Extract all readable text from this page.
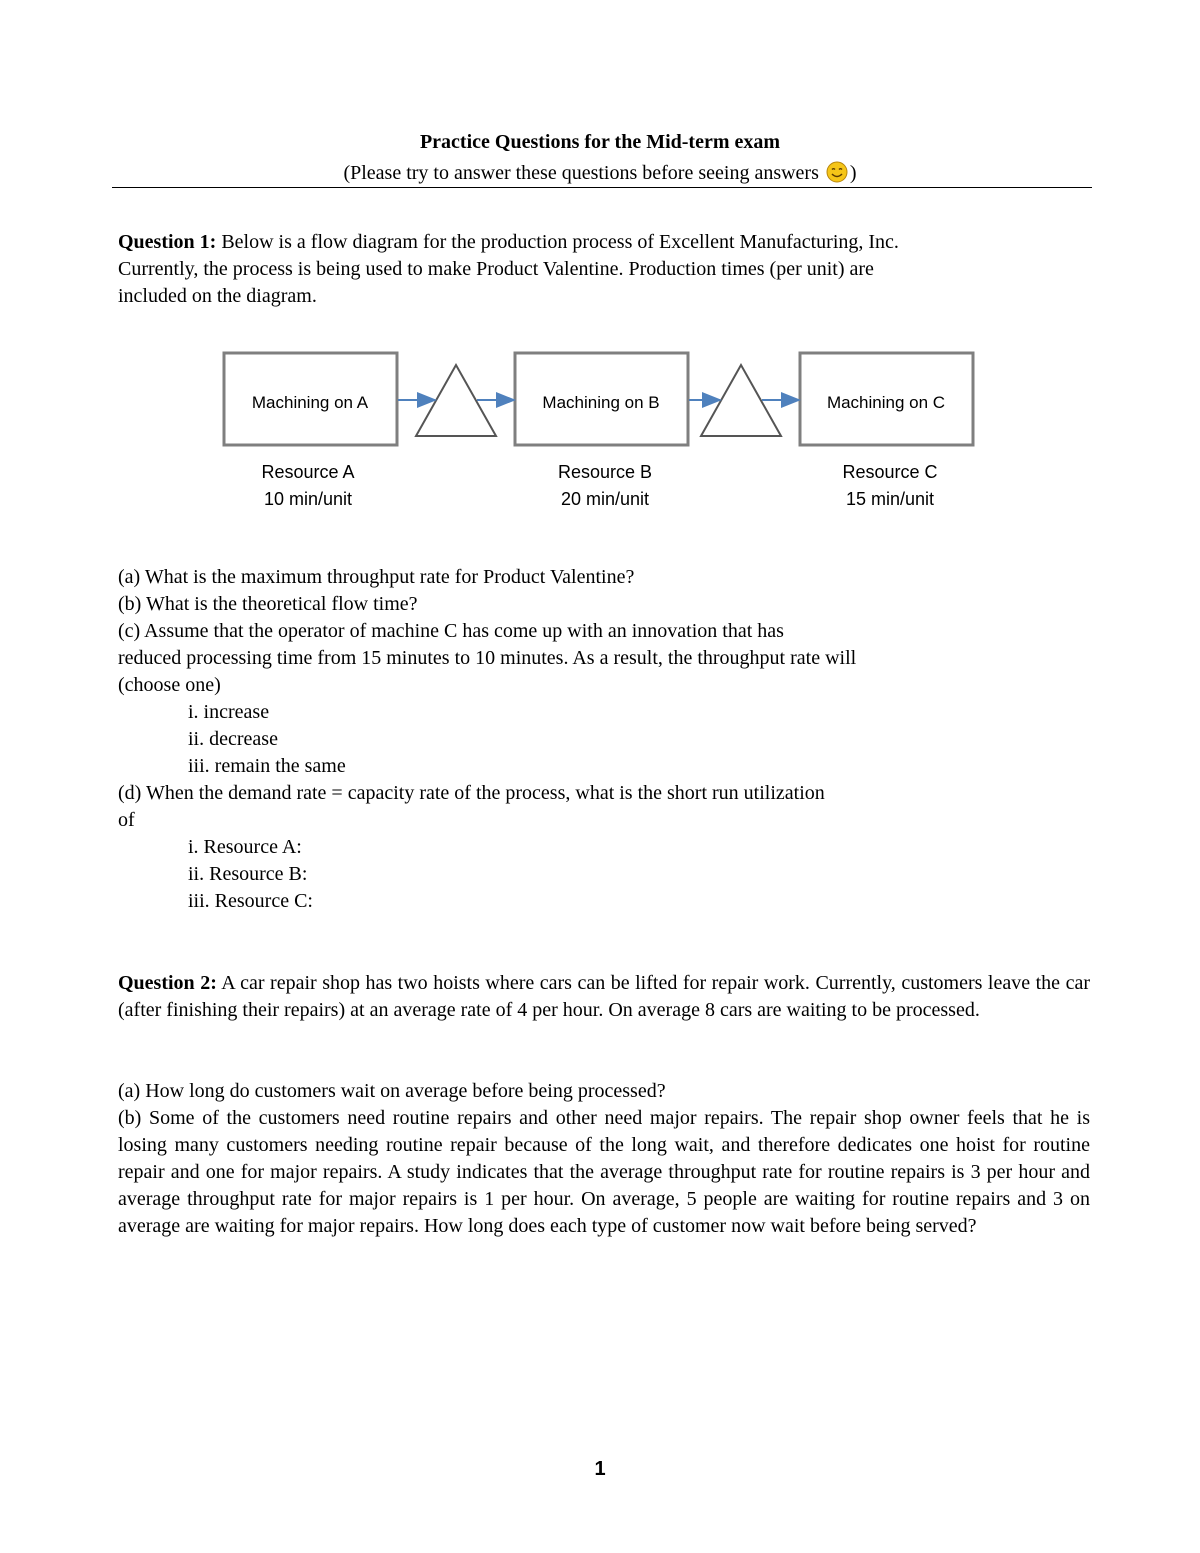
Practice Questions for the Mid-term exam
(Please try to answer these questions before seeing answers )
Question 1: Below is a flow diagram for the production process of Excellent Manufacturing, Inc.
Currently, the process is being used to make Product Valentine. Production times (per unit) are
included on the diagram.
Machining on A	Machining on B	Machining on C
Resource A
10 min/unit
Resource B
20 min/unit
Resource C
15 min/unit
(a) What is the maximum throughput rate for Product Valentine?
(b) What is the theoretical flow time?
(c) Assume that the operator of machine C has come up with an innovation that has
reduced processing time from 15 minutes to 10 minutes. As a result, the throughput rate will
(choose one)
i. increase
ii. decrease
iii. remain the same
(d) When the demand rate = capacity rate of the process, what is the short run utilization
of
i. Resource A:
ii. Resource B:
iii. Resource C:
Question 2: A car repair shop has two hoists where cars can be lifted for repair work. Currently, customers leave the car (after finishing their repairs) at an average rate of 4 per hour. On average 8 cars are waiting to be processed.
(a) How long do customers wait on average before being processed?
(b) Some of the customers need routine repairs and other need major repairs. The repair shop owner feels that he is losing many customers needing routine repair because of the long wait, and therefore dedicates one hoist for routine repair and one for major repairs. A study indicates that the average throughput rate for routine repairs is 3 per hour and average throughput rate for major repairs is 1 per hour. On average, 5 people are waiting for routine repairs and 3 on average are waiting for major repairs. How long does each type of customer now wait before being served?
1
